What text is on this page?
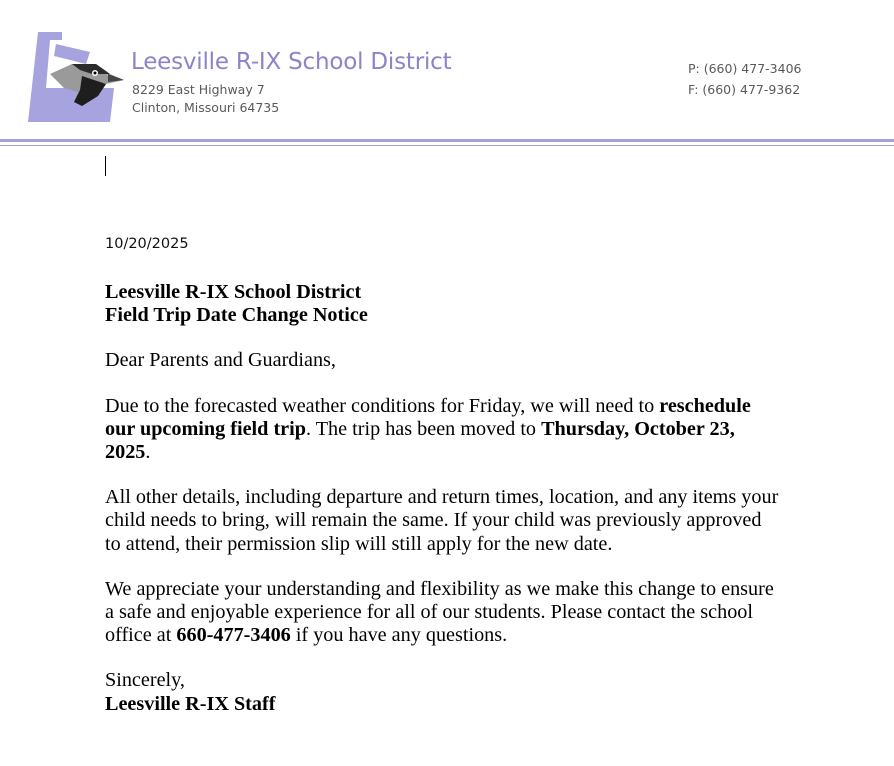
Leesville R-IX School District
8229 East Highway 7
Clinton, Missouri 64735
P: (660) 477-3406
F: (660) 477-9362
10/20/2025

Leesville R-IX School District
Field Trip Date Change Notice

Dear Parents and Guardians,

Due to the forecasted weather conditions for Friday, we will need to reschedule
our upcoming field trip. The trip has been moved to Thursday, October 23,
2025.

All other details, including departure and return times, location, and any items your
child needs to bring, will remain the same. If your child was previously approved
to attend, their permission slip will still apply for the new date.

We appreciate your understanding and flexibility as we make this change to ensure
a safe and enjoyable experience for all of our students. Please contact the school
office at 660-477-3406 if you have any questions.

Sincerely,
Leesville R-IX Staff
